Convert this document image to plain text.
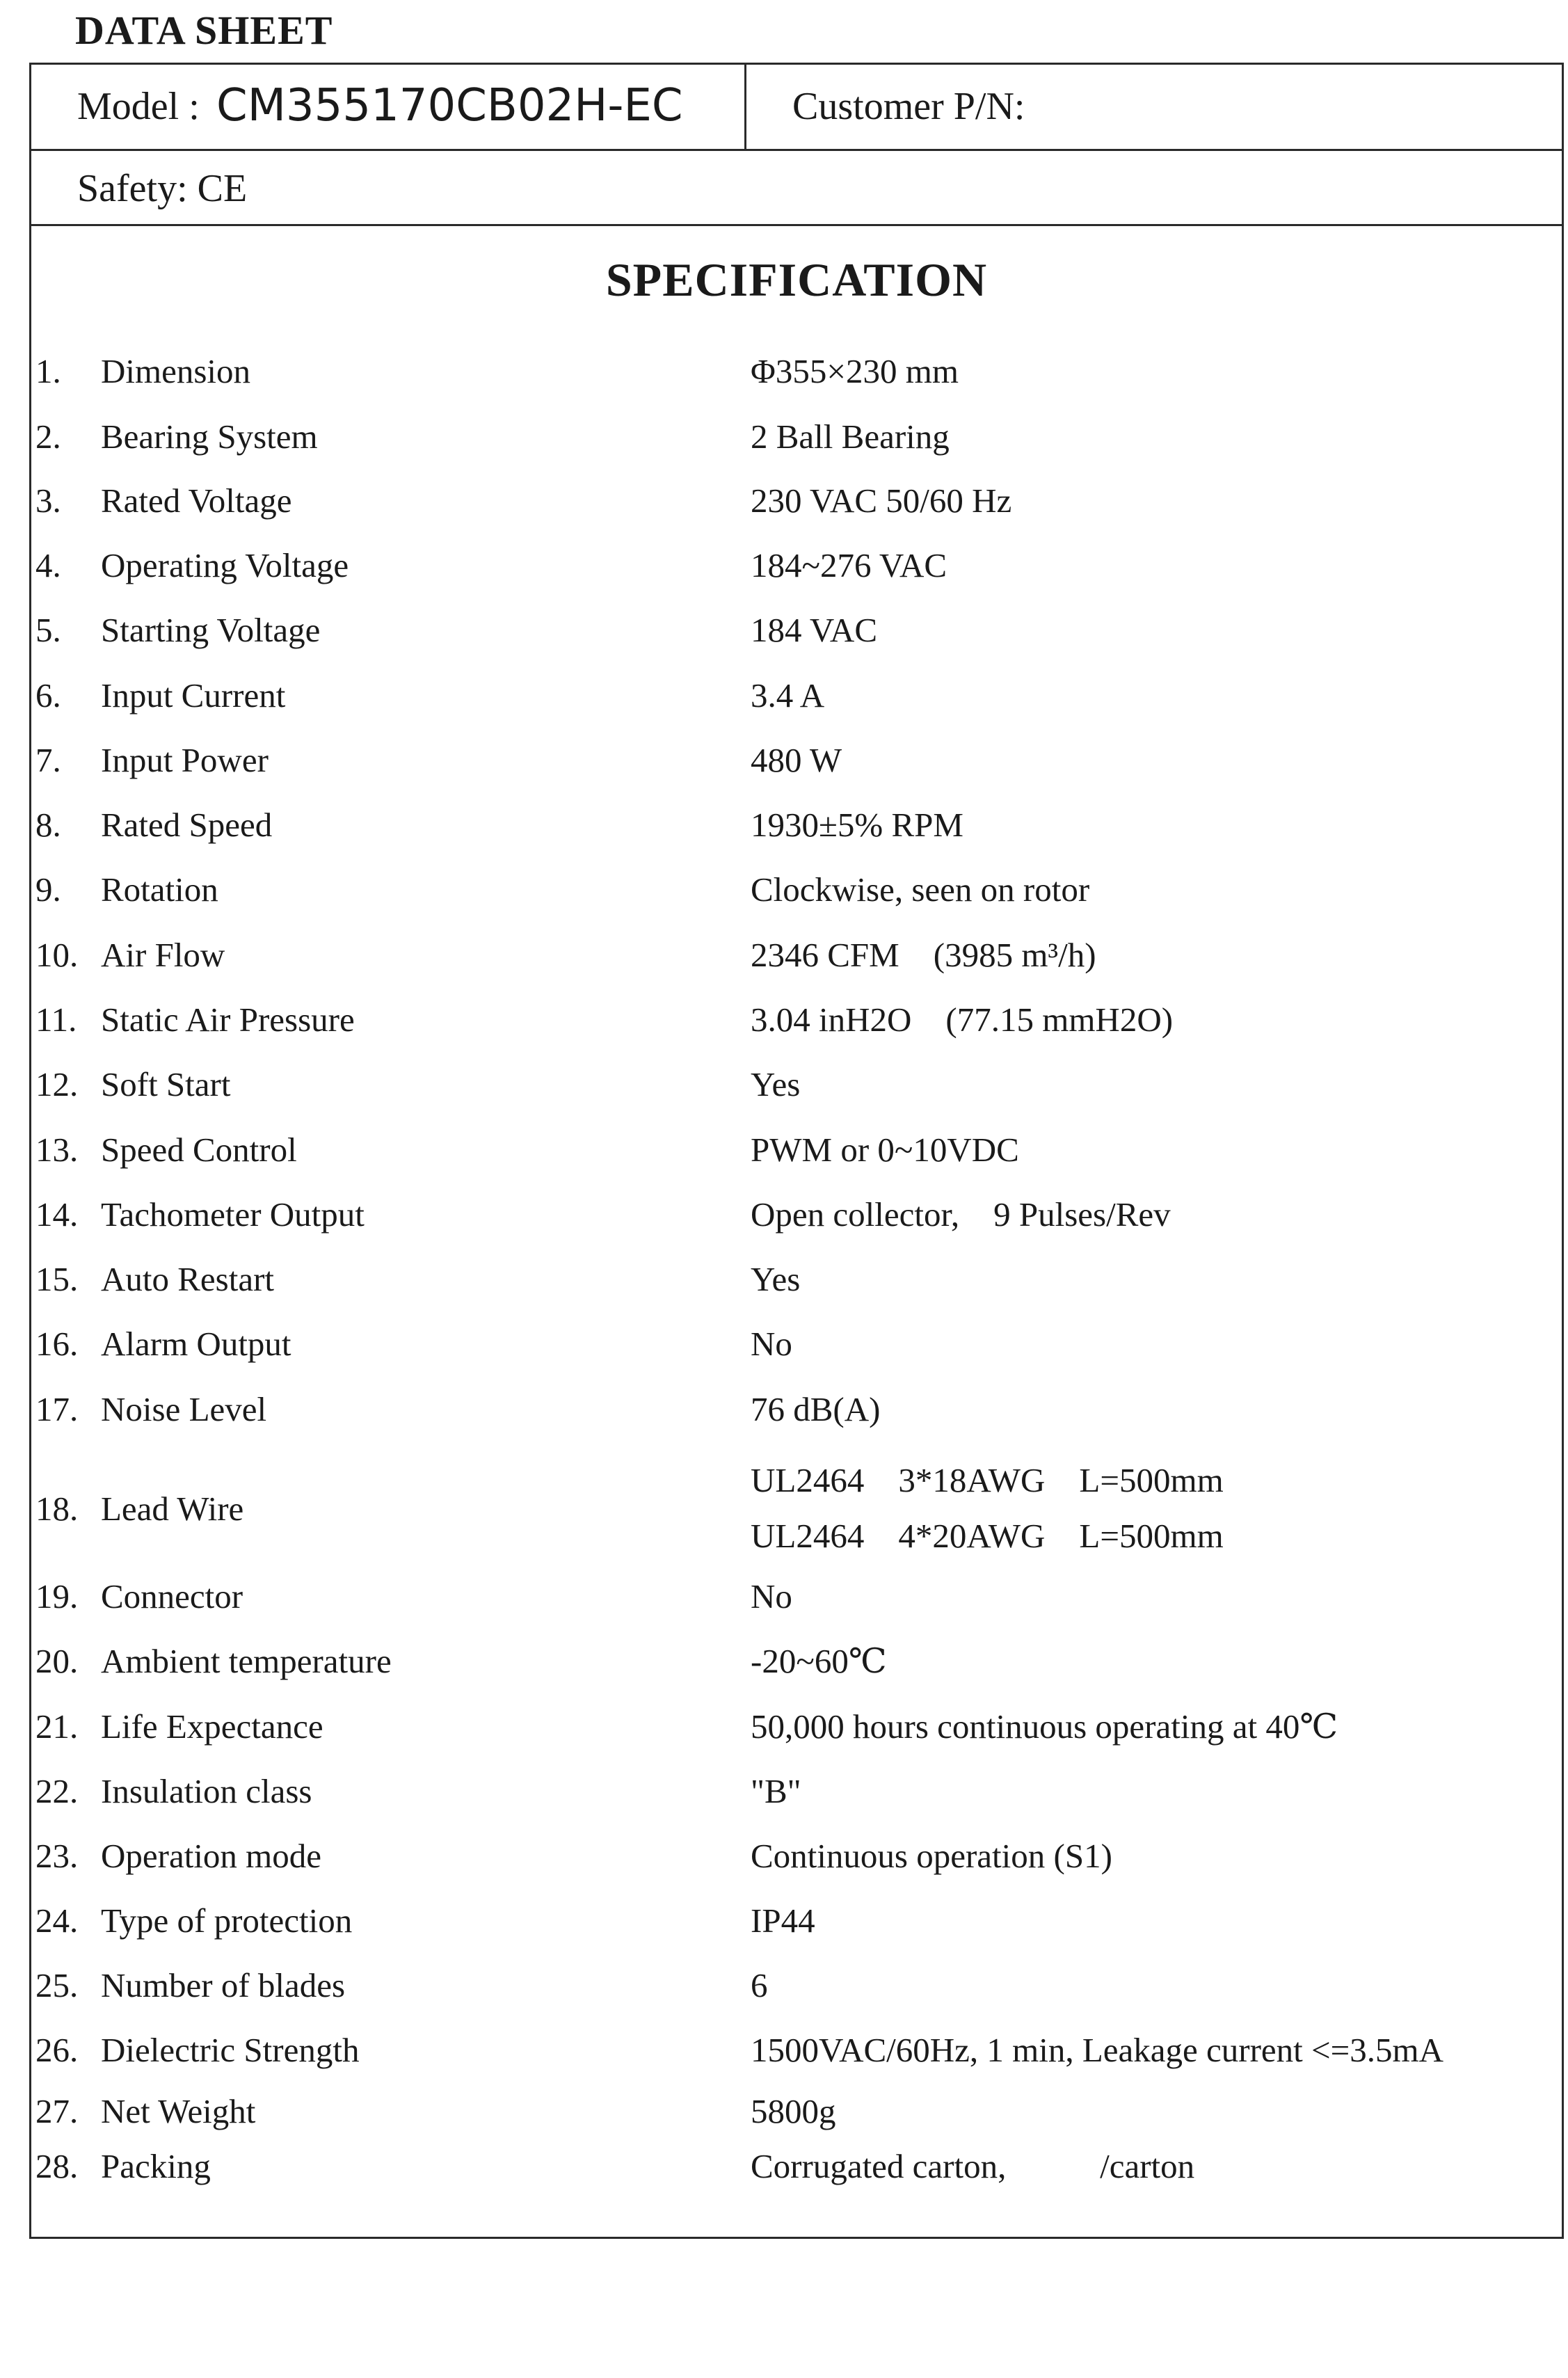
DATA SHEET
Model : CM355170CB02H-EC	Customer P/N:
Safety: CE
SPECIFICATION
1. Dimension	Φ355×230 mm
2. Bearing System	2 Ball Bearing
3. Rated Voltage	230 VAC 50/60 Hz
4. Operating Voltage	184~276 VAC
5. Starting Voltage	184 VAC
6. Input Current	3.4 A
7. Input Power	480 W
8. Rated Speed	1930±5% RPM
9. Rotation	Clockwise, seen on rotor
10. Air Flow	2346 CFM    (3985 m³/h)
11. Static Air Pressure	3.04 inH2O    (77.15 mmH2O)
12. Soft Start	Yes
13. Speed Control	PWM or 0~10VDC
14. Tachometer Output	Open collector,    9 Pulses/Rev
15. Auto Restart	Yes
16. Alarm Output	No
17. Noise Level	76 dB(A)
18. Lead Wire
UL2464    3*18AWG    L=500mm
UL2464    4*20AWG    L=500mm
19. Connector	No
20. Ambient temperature	-20~60℃
21. Life Expectance	50,000 hours continuous operating at 40℃
22. Insulation class	"B"
23. Operation mode	Continuous operation (S1)
24. Type of protection	IP44
25. Number of blades	6
26. Dielectric Strength	1500VAC/60Hz, 1 min, Leakage current <=3.5mA
27. Net Weight	5800g
28. Packing	Corrugated carton,           /carton
